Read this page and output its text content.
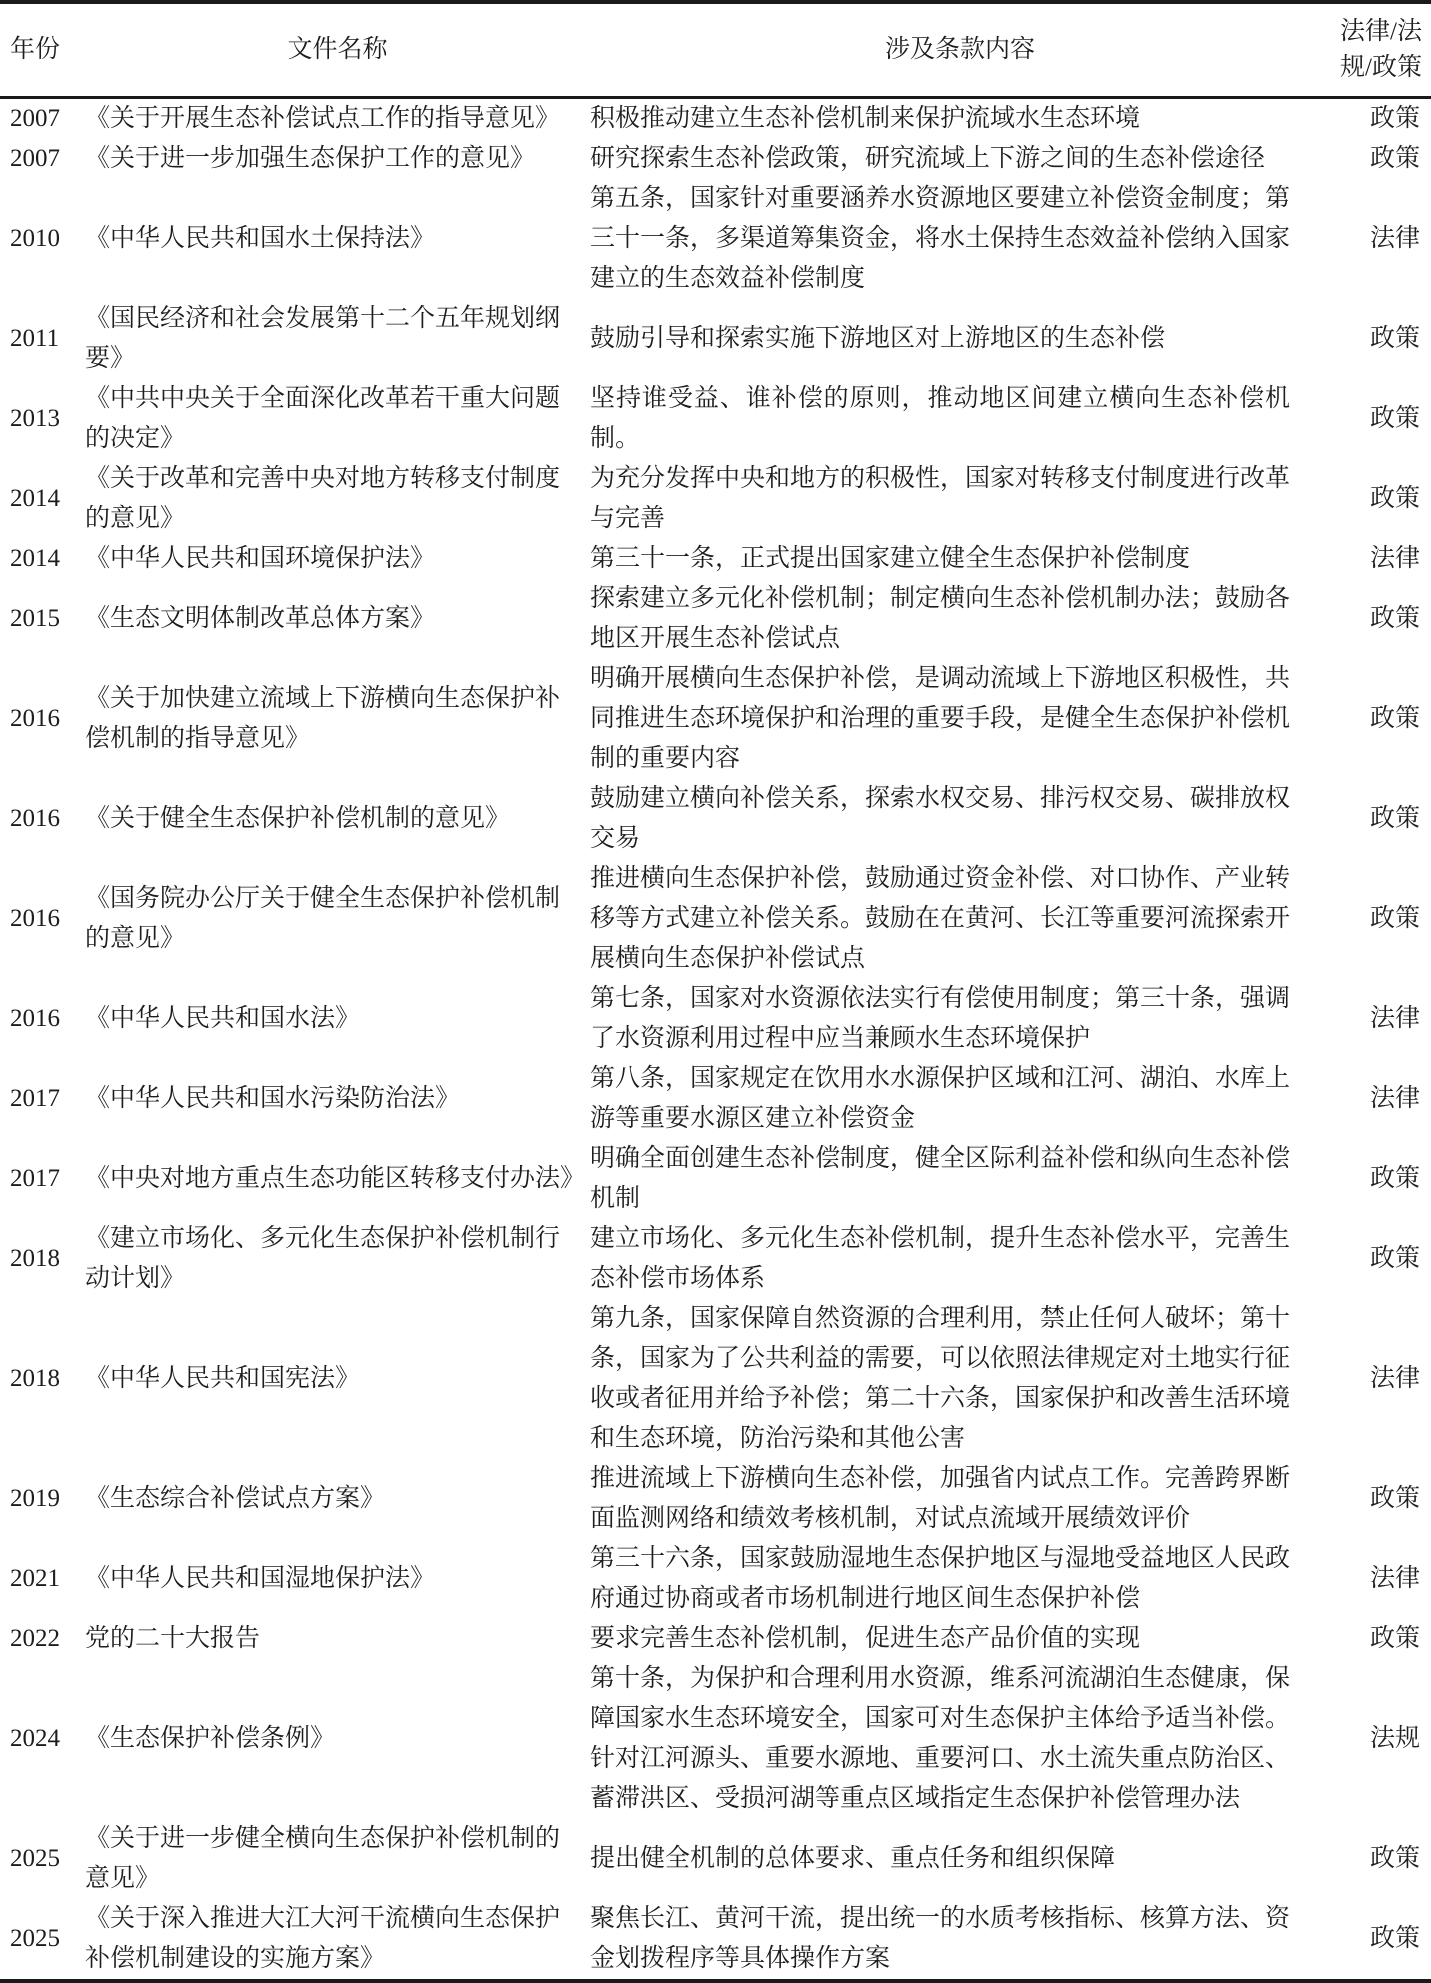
年份	文件名称	涉及条款内容	法律/法规/政策
2007	《关于开展生态补偿试点工作的指导意见》	积极推动建立生态补偿机制来保护流域水生态环境	政策
2007	《关于进一步加强生态保护工作的意见》	研究探索生态补偿政策，研究流域上下游之间的生态补偿途径	政策
2010	《中华人民共和国水土保持法》	第五条，国家针对重要涵养水资源地区要建立补偿资金制度；第三十一条，多渠道筹集资金，将水土保持生态效益补偿纳入国家建立的生态效益补偿制度	法律
2011	《国民经济和社会发展第十二个五年规划纲要》	鼓励引导和探索实施下游地区对上游地区的生态补偿	政策
2013	《中共中央关于全面深化改革若干重大问题的决定》	坚持谁受益、谁补偿的原则，推动地区间建立横向生态补偿机制。	政策
2014	《关于改革和完善中央对地方转移支付制度的意见》	为充分发挥中央和地方的积极性，国家对转移支付制度进行改革与完善	政策
2014	《中华人民共和国环境保护法》	第三十一条，正式提出国家建立健全生态保护补偿制度	法律
2015	《生态文明体制改革总体方案》	探索建立多元化补偿机制；制定横向生态补偿机制办法；鼓励各地区开展生态补偿试点	政策
2016	《关于加快建立流域上下游横向生态保护补偿机制的指导意见》	明确开展横向生态保护补偿，是调动流域上下游地区积极性，共同推进生态环境保护和治理的重要手段，是健全生态保护补偿机制的重要内容	政策
2016	《关于健全生态保护补偿机制的意见》	鼓励建立横向补偿关系，探索水权交易、排污权交易、碳排放权交易	政策
2016	《国务院办公厅关于健全生态保护补偿机制的意见》	推进横向生态保护补偿，鼓励通过资金补偿、对口协作、产业转移等方式建立补偿关系。鼓励在在黄河、长江等重要河流探索开展横向生态保护补偿试点	政策
2016	《中华人民共和国水法》	第七条，国家对水资源依法实行有偿使用制度；第三十条，强调了水资源利用过程中应当兼顾水生态环境保护	法律
2017	《中华人民共和国水污染防治法》	第八条，国家规定在饮用水水源保护区域和江河、湖泊、水库上游等重要水源区建立补偿资金	法律
2017	《中央对地方重点生态功能区转移支付办法》	明确全面创建生态补偿制度，健全区际利益补偿和纵向生态补偿机制	政策
2018	《建立市场化、多元化生态保护补偿机制行动计划》	建立市场化、多元化生态补偿机制，提升生态补偿水平，完善生态补偿市场体系	政策
2018	《中华人民共和国宪法》	第九条，国家保障自然资源的合理利用，禁止任何人破坏；第十条，国家为了公共利益的需要，可以依照法律规定对土地实行征收或者征用并给予补偿；第二十六条，国家保护和改善生活环境和生态环境，防治污染和其他公害	法律
2019	《生态综合补偿试点方案》	推进流域上下游横向生态补偿，加强省内试点工作。完善跨界断面监测网络和绩效考核机制，对试点流域开展绩效评价	政策
2021	《中华人民共和国湿地保护法》	第三十六条，国家鼓励湿地生态保护地区与湿地受益地区人民政府通过协商或者市场机制进行地区间生态保护补偿	法律
2022	党的二十大报告	要求完善生态补偿机制，促进生态产品价值的实现	政策
2024	《生态保护补偿条例》	第十条，为保护和合理利用水资源，维系河流湖泊生态健康，保障国家水生态环境安全，国家可对生态保护主体给予适当补偿。针对江河源头、重要水源地、重要河口、水土流失重点防治区、蓄滞洪区、受损河湖等重点区域指定生态保护补偿管理办法	法规
2025	《关于进一步健全横向生态保护补偿机制的意见》	提出健全机制的总体要求、重点任务和组织保障	政策
2025	《关于深入推进大江大河干流横向生态保护补偿机制建设的实施方案》	聚焦长江、黄河干流，提出统一的水质考核指标、核算方法、资金划拨程序等具体操作方案	政策
